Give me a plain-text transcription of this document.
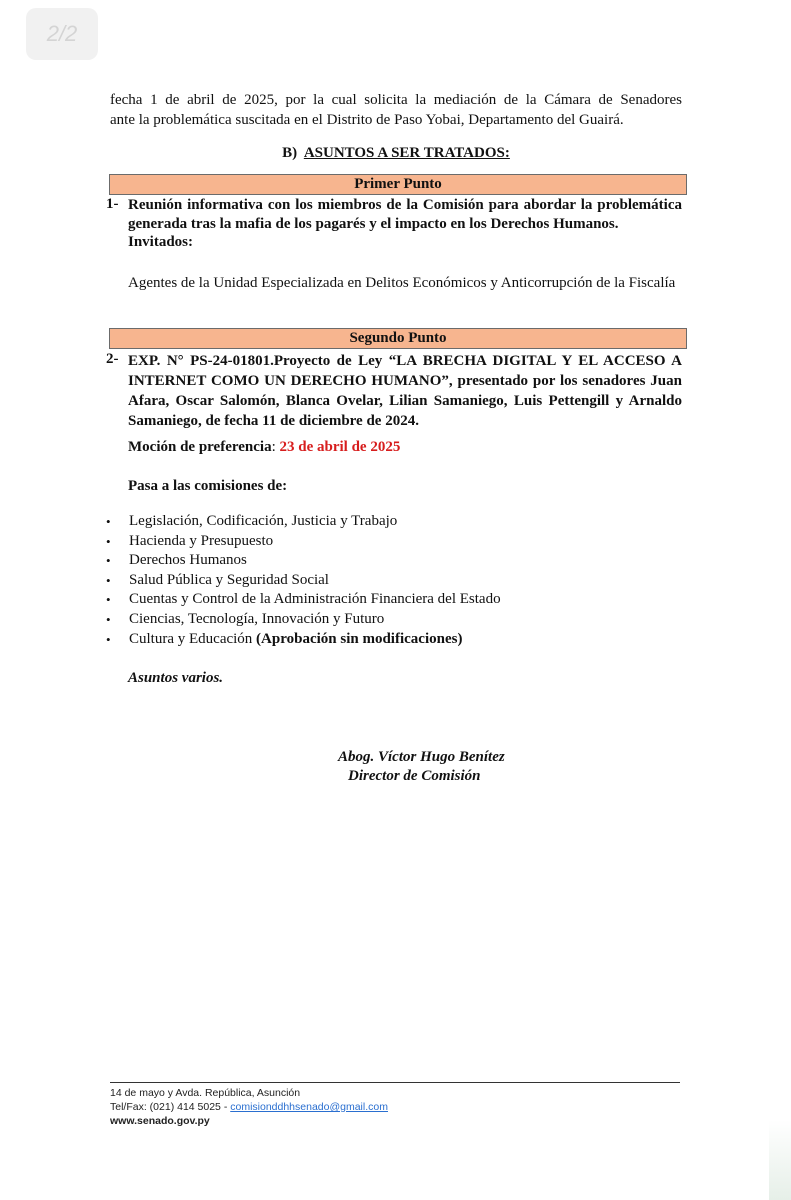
2/2
fecha 1 de abril de 2025, por la cual solicita la mediación de la Cámara de Senadores
ante la problemática suscitada en el Distrito de Paso Yobai, Departamento del Guairá.
B) ASUNTOS A SER TRATADOS:
Primer Punto
1- Reunión informativa con los miembros de la Comisión para abordar la problemática generada tras la mafia de los pagarés y el impacto en los Derechos Humanos.
Invitados:
Agentes de la Unidad Especializada en Delitos Económicos y Anticorrupción de la Fiscalía
Segundo Punto
2- EXP. N° PS-24-01801.Proyecto de Ley “LA BRECHA DIGITAL Y EL ACCESO A INTERNET COMO UN DERECHO HUMANO”, presentado por los senadores Juan Afara, Oscar Salomón, Blanca Ovelar, Lilian Samaniego, Luis Pettengill y Arnaldo Samaniego, de fecha 11 de diciembre de 2024.
Moción de preferencia: 23 de abril de 2025
Pasa a las comisiones de:
• Legislación, Codificación, Justicia y Trabajo
• Hacienda y Presupuesto
• Derechos Humanos
• Salud Pública y Seguridad Social
• Cuentas y Control de la Administración Financiera del Estado
• Ciencias, Tecnología, Innovación y Futuro
• Cultura y Educación (Aprobación sin modificaciones)
Asuntos varios.
Abog. Víctor Hugo Benítez
Director de Comisión
14 de mayo y Avda. República, Asunción
Tel/Fax: (021) 414 5025 - comisionddhhsenado@gmail.com
www.senado.gov.py
